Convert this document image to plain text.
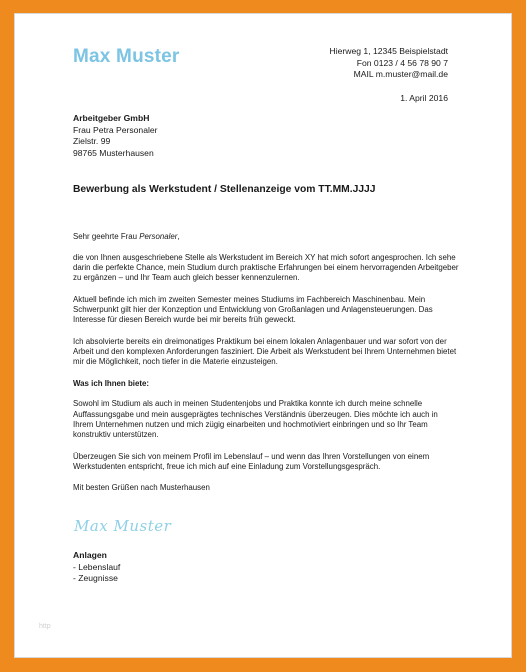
Max Muster	Hierweg 1, 12345 Beispielstadt
Fon 0123 / 4 56 78 90 7
MAIL m.muster@mail.de
1. April 2016
Arbeitgeber GmbH
Frau Petra Personaler
Zielstr. 99
98765 Musterhausen
Bewerbung als Werkstudent / Stellenanzeige vom TT.MM.JJJJ

Sehr geehrte Frau Personaler,

die von Ihnen ausgeschriebene Stelle als Werkstudent im Bereich XY hat mich sofort angesprochen. Ich sehe darin die perfekte Chance, mein Studium durch praktische Erfahrungen bei einem hervorragenden Arbeitgeber zu ergänzen – und Ihr Team auch gleich besser kennenzulernen.

Aktuell befinde ich mich im zweiten Semester meines Studiums im Fachbereich Maschinenbau. Mein Schwerpunkt gilt hier der Konzeption und Entwicklung von Großanlagen und Anlagensteuerungen. Das Interesse für diesen Bereich wurde bei mir bereits früh geweckt.

Ich absolvierte bereits ein dreimonatiges Praktikum bei einem lokalen Anlagenbauer und war sofort von der Arbeit und den komplexen Anforderungen fasziniert. Die Arbeit als Werkstudent bei Ihrem Unternehmen bietet mir die Möglichkeit, noch tiefer in die Materie einzusteigen.

Was ich Ihnen biete:

Sowohl im Studium als auch in meinen Studentenjobs und Praktika konnte ich durch meine schnelle Auffassungsgabe und mein ausgeprägtes technisches Verständnis überzeugen. Dies möchte ich auch in Ihrem Unternehmen nutzen und mich zügig einarbeiten und hochmotiviert einbringen und so Ihr Team konstruktiv unterstützen.

Überzeugen Sie sich von meinem Profil im Lebenslauf – und wenn das Ihren Vorstellungen von einem Werkstudenten entspricht, freue ich mich auf eine Einladung zum Vorstellungsgespräch.

Mit besten Grüßen nach Musterhausen

Max Muster
Anlagen
- Lebenslauf
- Zeugnisse
http
